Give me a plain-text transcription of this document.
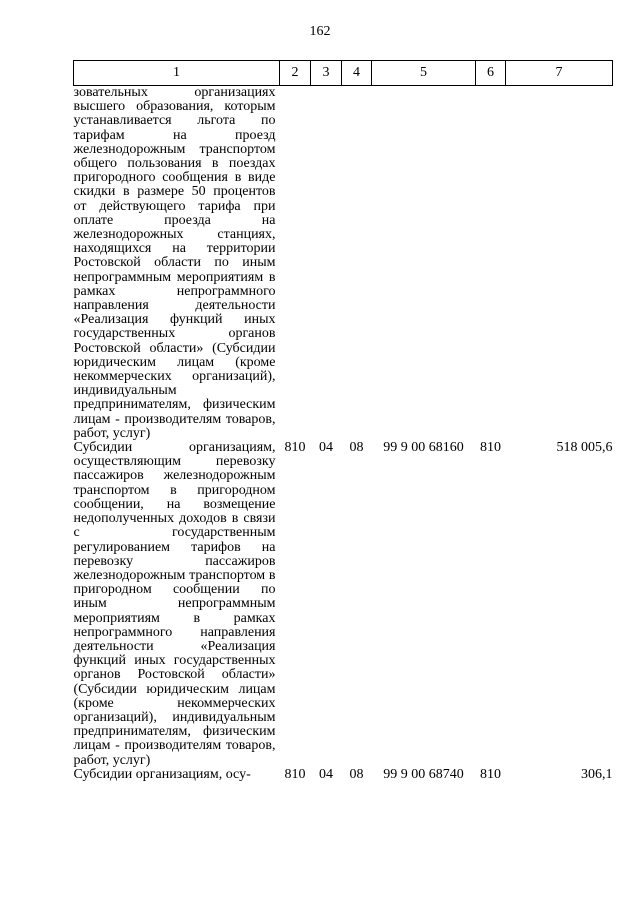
162
1	2	3	4	5	6	7
зовательных организациях высшего образования, которым устанавливается льгота по тарифам на проезд железнодорожным транспортом общего пользования в поездах пригородного сообщения в виде скидки в размере 50 процентов от действующего тарифа при оплате проезда на железнодорожных станциях, находящихся на территории Ростовской области по иным непрограммным мероприятиям в рамках непрограммного направления деятельности «Реализация функций иных государственных органов Ростовской области» (Субсидии юридическим лицам (кроме некоммерческих организаций), индивидуальным предпринимателям, физическим лицам - производителям товаров, работ, услуг)						
Субсидии организациям, осуществляющим перевозку пассажиров железнодорожным транспортом в пригородном сообщении, на возмещение недополученных доходов в связи с государственным регулированием тарифов на перевозку пассажиров железнодорожным транспортом в пригородном сообщении по иным непрограммным мероприятиям в рамках непрограммного направления деятельности «Реализация функций иных государственных органов Ростовской области» (Субсидии юридическим лицам (кроме некоммерческих организаций), индивидуальным предпринимателям, физическим лицам - производителям товаров, работ, услуг)	810	04	08	99 9 00 68160	810	518 005,6
Субсидии организациям, осу-	810	04	08	99 9 00 68740	810	306,1
